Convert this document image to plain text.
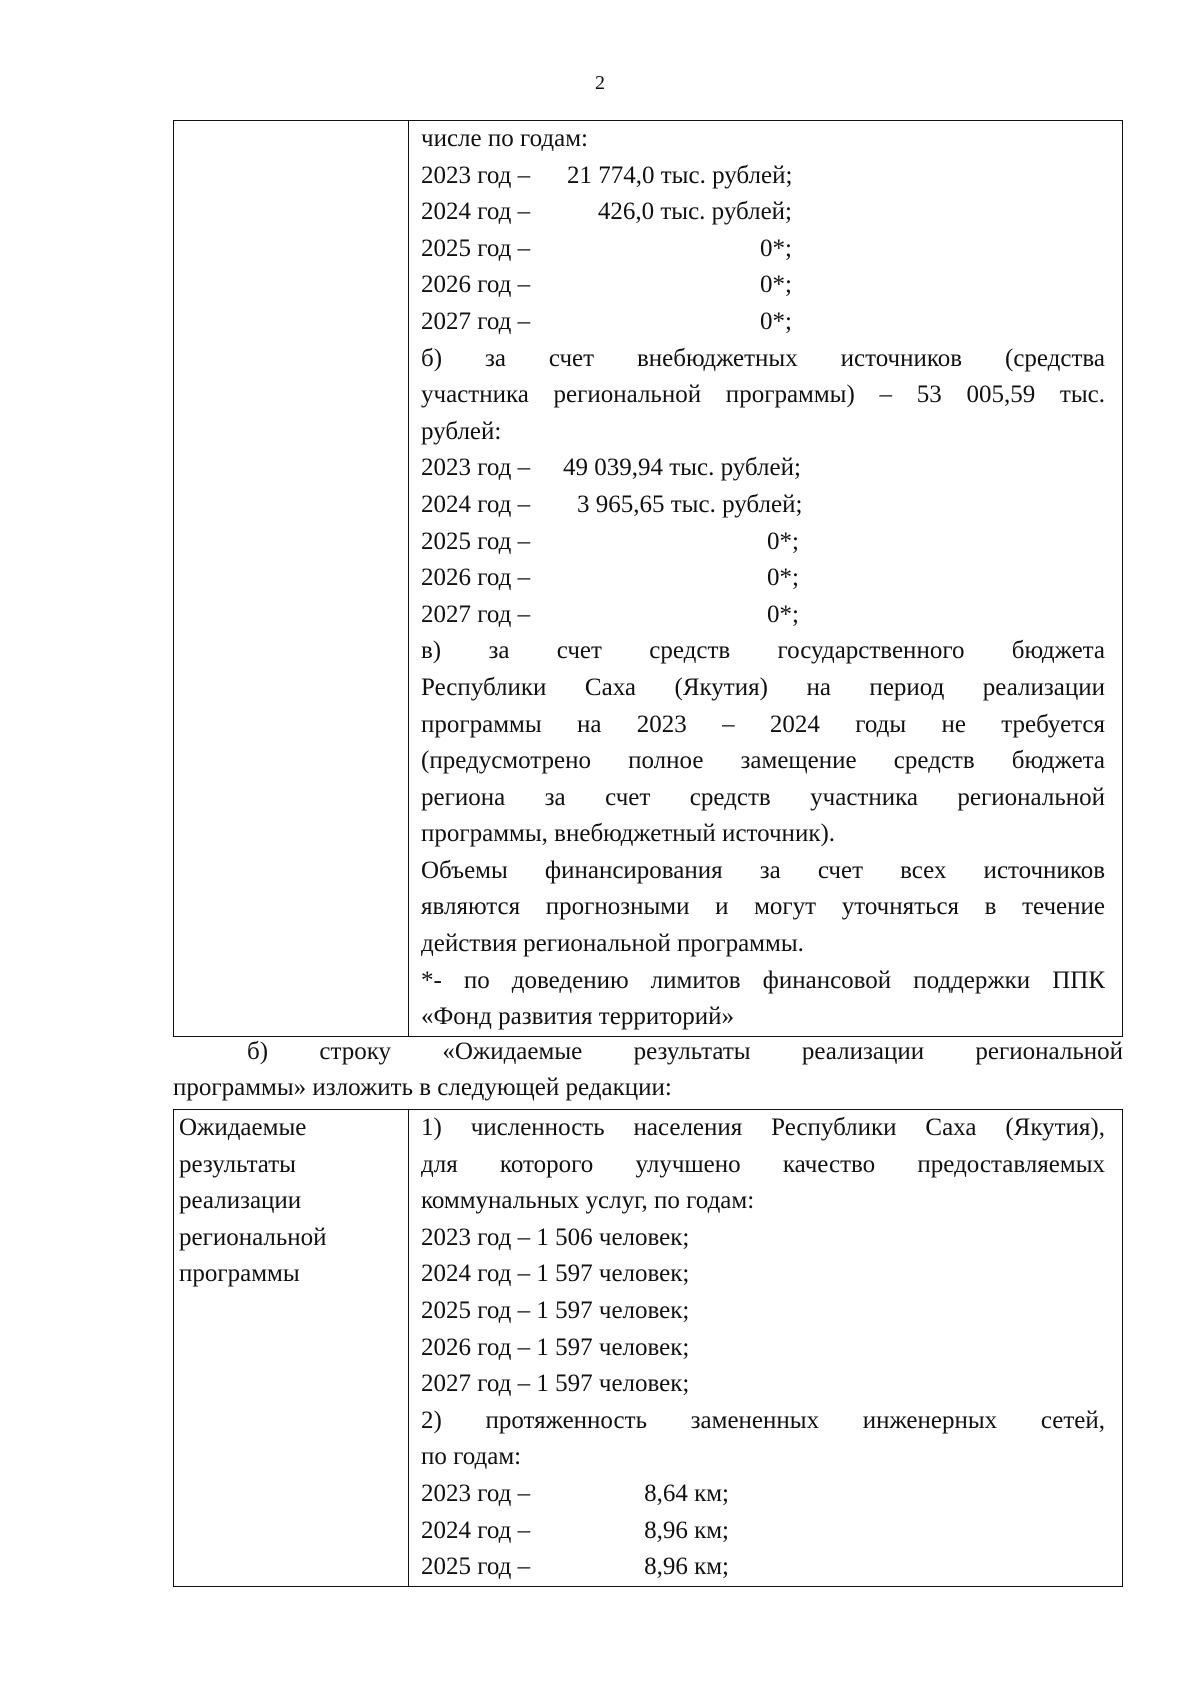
2

числе по годам:
2023 год – 21 774,0 тыс. рублей;
2024 год –	426,0 тыс. рублей;
2025 год –	0*;
2026 год –	0*;
2027 год –	0*;
б) за счет внебюджетных источников (средства
участника региональной программы) – 53 005,59 тыс.
рублей:
2023 год – 49 039,94 тыс. рублей;
2024 год – 3 965,65 тыс. рублей;
2025 год –	0*;
2026 год –	0*;
2027 год –	0*;
в) за счет средств государственного бюджета
Республики Саха (Якутия) на период реализации
программы на 2023 – 2024 годы не требуется
(предусмотрено полное замещение средств бюджета
региона за счет средств участника региональной
программы, внебюджетный источник).
Объемы финансирования за счет всех источников
являются прогнозными и могут уточняться в течение
действия региональной программы.
*- по доведению лимитов финансовой поддержки ППК
«Фонд развития территорий»
б) строку «Ожидаемые результаты реализации региональной
программы» изложить в следующей редакции:
Ожидаемые
результаты
реализации
региональной
программы

1) численность населения Республики Саха (Якутия),
для которого улучшено качество предоставляемых
коммунальных услуг, по годам:
2023 год – 1 506 человек;
2024 год – 1 597 человек;
2025 год – 1 597 человек;
2026 год – 1 597 человек;
2027 год – 1 597 человек;
2) протяженность замененных инженерных сетей,
по годам:
2023 год –	8,64 км;
2024 год –	8,96 км;
2025 год –	8,96 км;
